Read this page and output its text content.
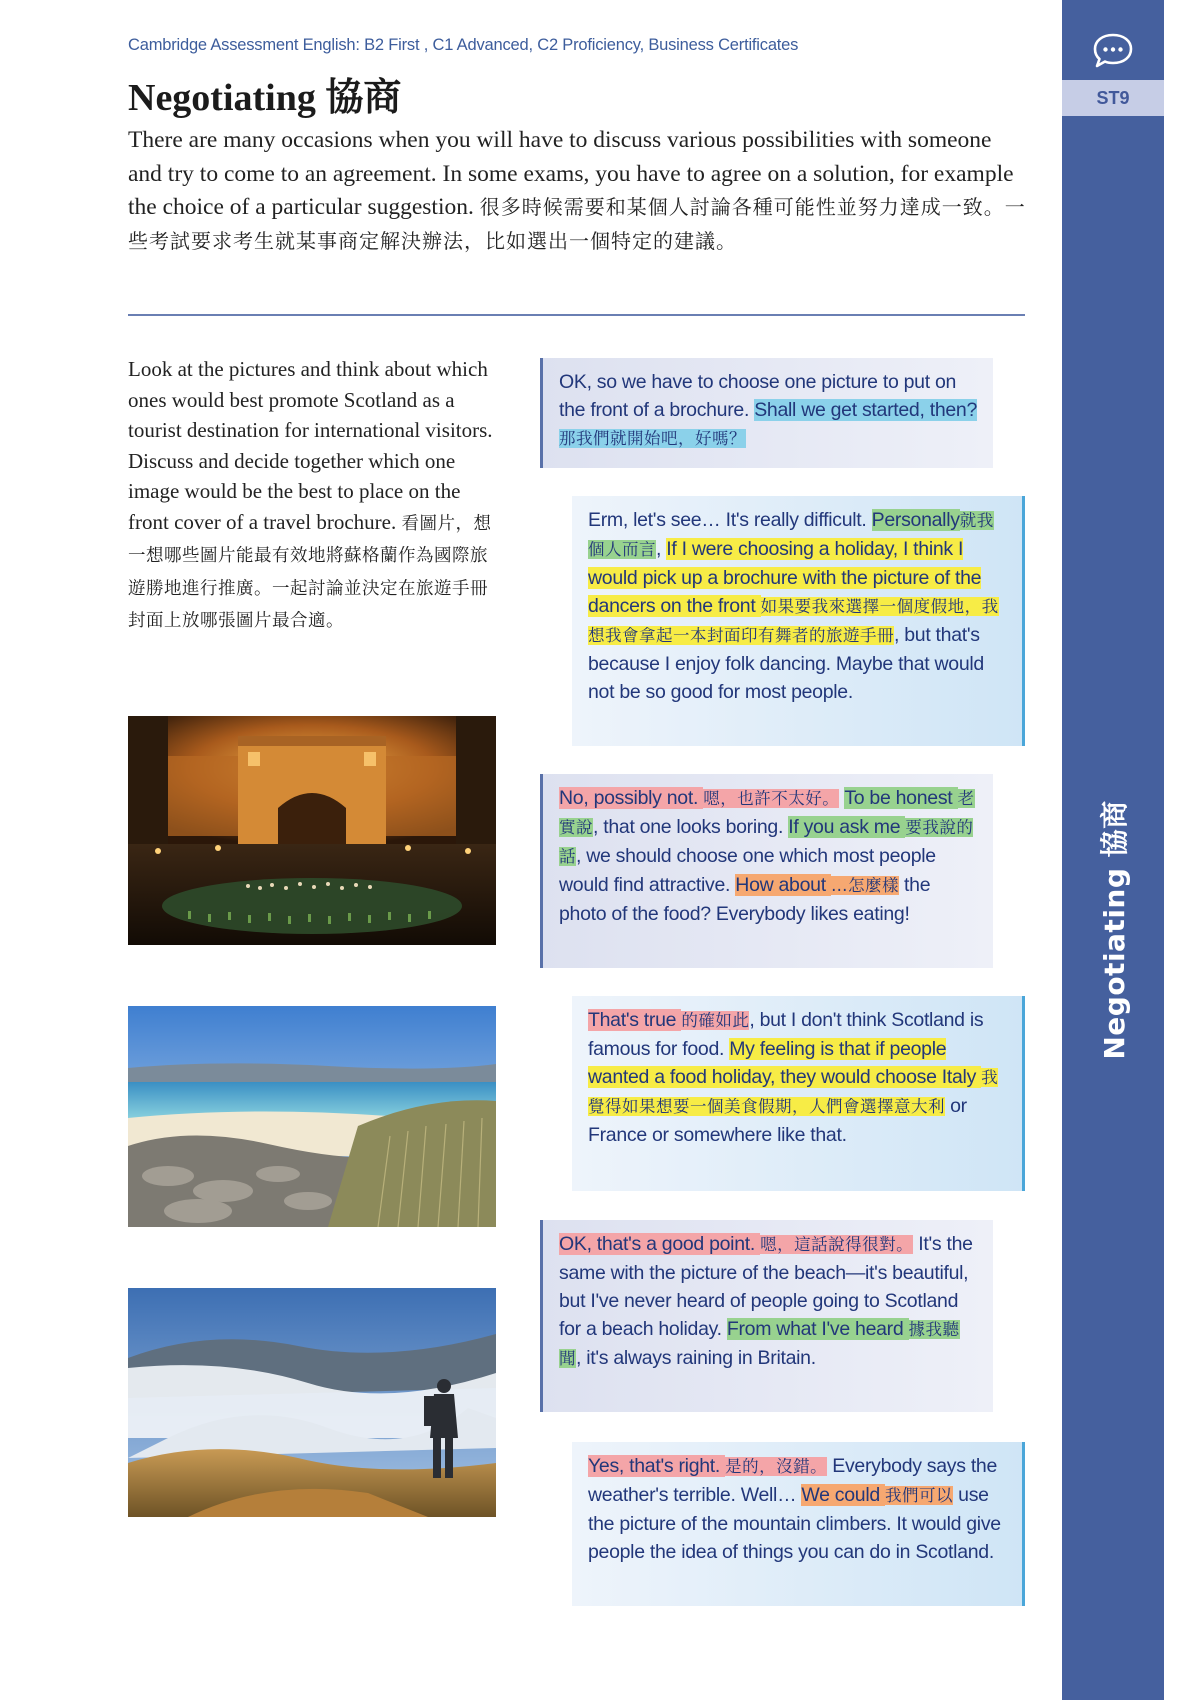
Cambridge Assessment English: B2 First , C1 Advanced, C2 Proficiency, Business Certificates
Negotiating 協商
There are many occasions when you will have to discuss various possibilities with someone and try to come to an agreement. In some exams, you have to agree on a solution, for example the choice of a particular suggestion. 很多時候需要和某個人討論各種可能性並努力達成一致。一些考試要求考生就某事商定解決辦法，比如選出一個特定的建議。
ST9
Negotiating 協商
Look at the pictures and think about which ones would best promote Scotland as a tourist destination for international visitors. Discuss and decide together which one image would be the best to place on the front cover of a travel brochure. 看圖片，想一想哪些圖片能最有效地將蘇格蘭作為國際旅遊勝地進行推廣。一起討論並決定在旅遊手冊封面上放哪張圖片最合適。
OK, so we have to choose one picture to put on the front of a brochure. Shall we get started, then?那我們就開始吧，好嗎？
Erm, let's see… It's really difficult. Personally就我個人而言, If I were choosing a holiday, I think I would pick up a brochure with the picture of the dancers on the front 如果要我來選擇一個度假地，我想我會拿起一本封面印有舞者的旅遊手冊, but that's because I enjoy folk dancing. Maybe that would not be so good for most people.
No, possibly not. 嗯，也許不太好。 To be honest 老實說, that one looks boring. If you ask me 要我說的話, we should choose one which most people would find attractive. How about …怎麼樣 the photo of the food? Everybody likes eating!
That's true 的確如此, but I don't think Scotland is famous for food. My feeling is that if people wanted a food holiday, they would choose Italy 我覺得如果想要一個美食假期，人們會選擇意大利 or France or somewhere like that.
OK, that's a good point. 嗯，這話說得很對。 It's the same with the picture of the beach—it's beautiful, but I've never heard of people going to Scotland for a beach holiday. From what I've heard 據我聽聞, it's always raining in Britain.
Yes, that's right. 是的，沒錯。 Everybody says the weather's terrible. Well… We could 我們可以 use the picture of the mountain climbers. It would give people the idea of things you can do in Scotland.
